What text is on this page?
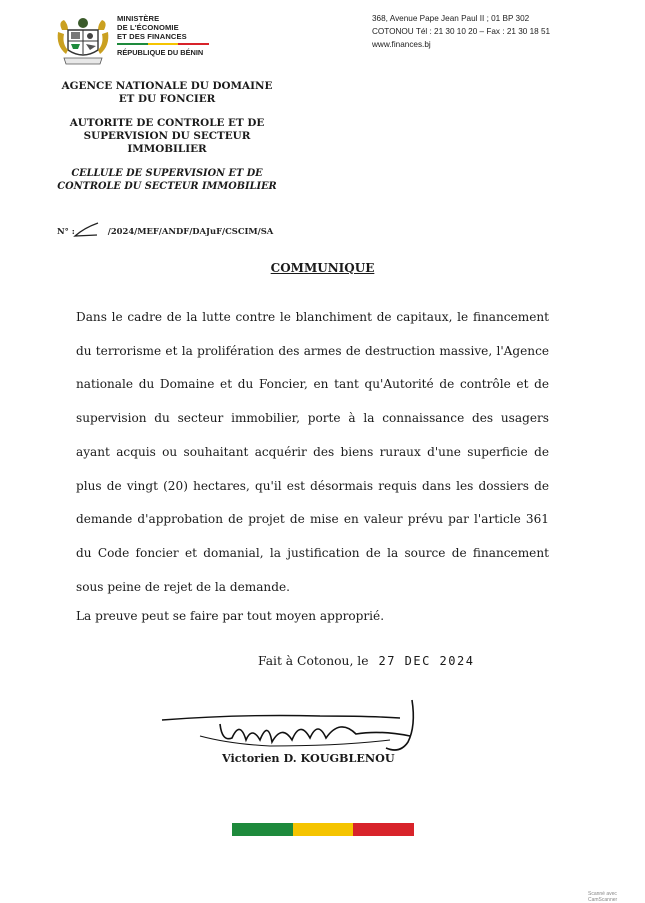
MINISTÈRE
DE L'ÉCONOMIE
ET DES FINANCES
RÉPUBLIQUE DU BÉNIN
368, Avenue Pape Jean Paul II ; 01 BP 302
COTONOU Tél : 21 30 10 20 – Fax : 21 30 18 51
www.finances.bj
AGENCE NATIONALE DU DOMAINE
ET DU FONCIER
AUTORITE DE CONTROLE ET DE
SUPERVISION DU SECTEUR
IMMOBILIER
CELLULE DE SUPERVISION ET DE
CONTROLE DU SECTEUR IMMOBILIER
N° :	/2024/MEF/ANDF/DAJuF/CSCIM/SA
COMMUNIQUE

Dans le cadre de la lutte contre le blanchiment de capitaux, le financement du terrorisme et la prolifération des armes de destruction massive, l'Agence nationale du Domaine et du Foncier, en tant qu'Autorité de contrôle et de supervision du secteur immobilier, porte à la connaissance des usagers ayant acquis ou souhaitant acquérir des biens ruraux d'une superficie de plus de vingt (20) hectares, qu'il est désormais requis dans les dossiers de demande d'approbation de projet de mise en valeur prévu par l'article 361 du Code foncier et domanial, la justification de la source de financement sous peine de rejet de la demande.

La preuve peut se faire par tout moyen approprié.
Fait à Cotonou, le 27 DEC 2024
Victorien D. KOUGBLENOU
Scanné avec CamScanner
